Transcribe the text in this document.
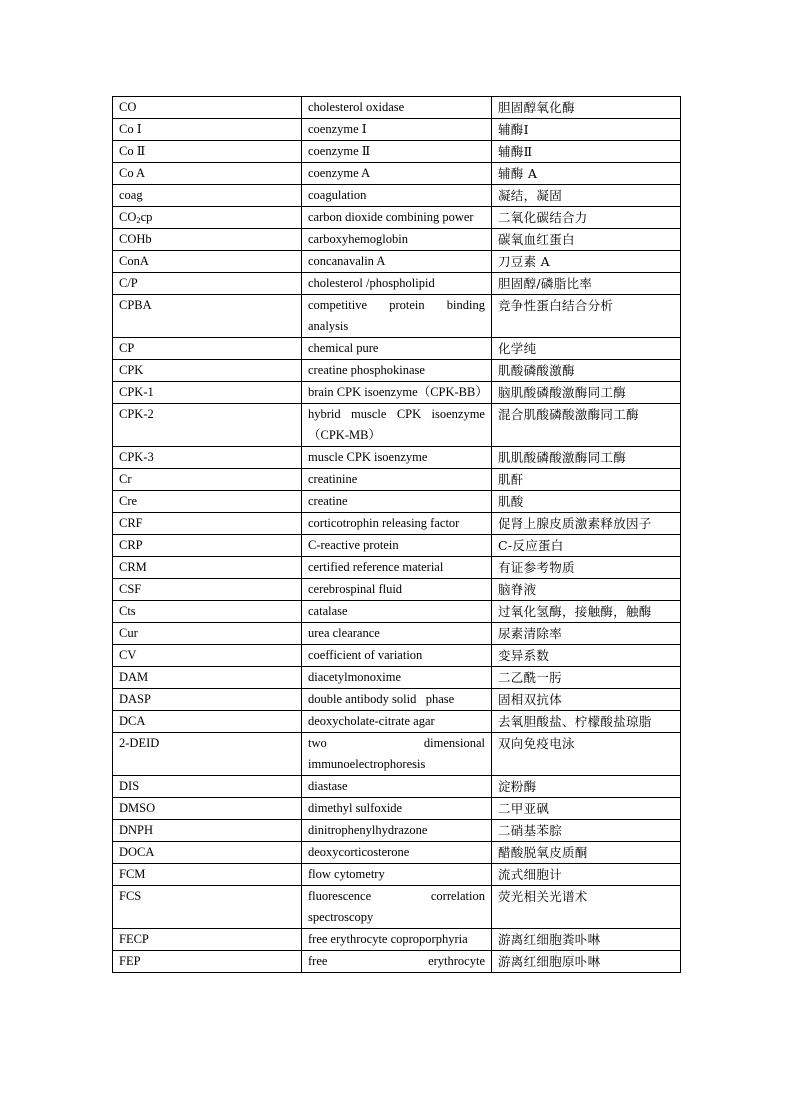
CO	cholesterol oxidase	胆固醇氧化酶
Co Ⅰ	coenzyme Ⅰ	辅酶Ⅰ
Co Ⅱ	coenzyme Ⅱ	辅酶Ⅱ
Co A	coenzyme A	辅酶 A
coag	coagulation	凝结，凝固
$CO_2cp$	carbon dioxide combining power	二氧化碳结合力
COHb	carboxyhemoglobin	碳氧血红蛋白
ConA	concanavalin A	刀豆素 A
C/P	cholesterol /phospholipid	胆固醇/磷脂比率
CPBA	competitive protein binding analysis	竞争性蛋白结合分析
CP	chemical pure	化学纯
CPK	creatine phosphokinase	肌酸磷酸激酶
CPK-1	brain CPK isoenzyme（CPK-BB）	脑肌酸磷酸激酶同工酶
CPK-2	hybrid muscle CPK isoenzyme（CPK-MB）	混合肌酸磷酸激酶同工酶
CPK-3	muscle CPK isoenzyme	肌肌酸磷酸激酶同工酶
Cr	creatinine	肌酐
Cre	creatine	肌酸
CRF	corticotrophin releasing factor	促肾上腺皮质激素释放因子
CRP	C-reactive protein	C-反应蛋白
CRM	certified reference material	有证参考物质
CSF	cerebrospinal fluid	脑脊液
Cts	catalase	过氧化氢酶，接触酶，触酶
Cur	urea clearance	尿素清除率
CV	coefficient of variation	变异系数
DAM	diacetylmonoxime	二乙酰一肟
DASP	double antibody solid   phase	固相双抗体
DCA	deoxycholate-citrate agar	去氧胆酸盐、柠檬酸盐琼脂
2-DEID	two dimensional immunoelectrophoresis	双向免疫电泳
DIS	diastase	淀粉酶
DMSO	dimethyl sulfoxide	二甲亚砜
DNPH	dinitrophenylhydrazone	二硝基苯腙
DOCA	deoxycorticosterone	醋酸脱氧皮质酮
FCM	flow cytometry	流式细胞计
FCS	fluorescence correlation spectroscopy	荧光相关光谱术
FECP	free erythrocyte coproporphyria	游离红细胞粪卟啉
FEP	free erythrocyte	游离红细胞原卟啉
